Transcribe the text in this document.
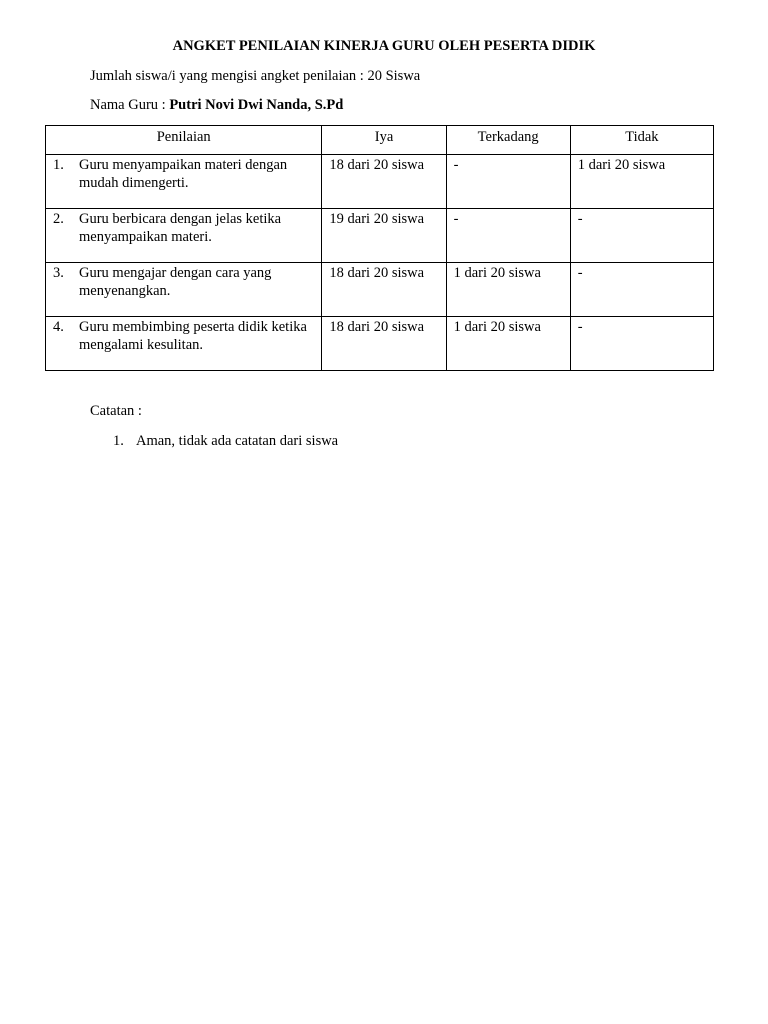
ANGKET PENILAIAN KINERJA GURU OLEH PESERTA DIDIK
Jumlah siswa/i yang mengisi angket penilaian : 20 Siswa
Nama Guru : Putri Novi Dwi Nanda, S.Pd
Penilaian	Iya	Terkadang	Tidak

1. Guru menyampaikan materi dengan mudah dimengerti.	18 dari 20 siswa	-	1 dari 20 siswa

2. Guru berbicara dengan jelas ketika menyampaikan materi.	19 dari 20 siswa	-	-

3. Guru mengajar dengan cara yang menyenangkan.	18 dari 20 siswa	1 dari 20 siswa	-

4. Guru membimbing peserta didik ketika mengalami kesulitan.	18 dari 20 siswa	1 dari 20 siswa	-
Catatan :
1. Aman, tidak ada catatan dari siswa
